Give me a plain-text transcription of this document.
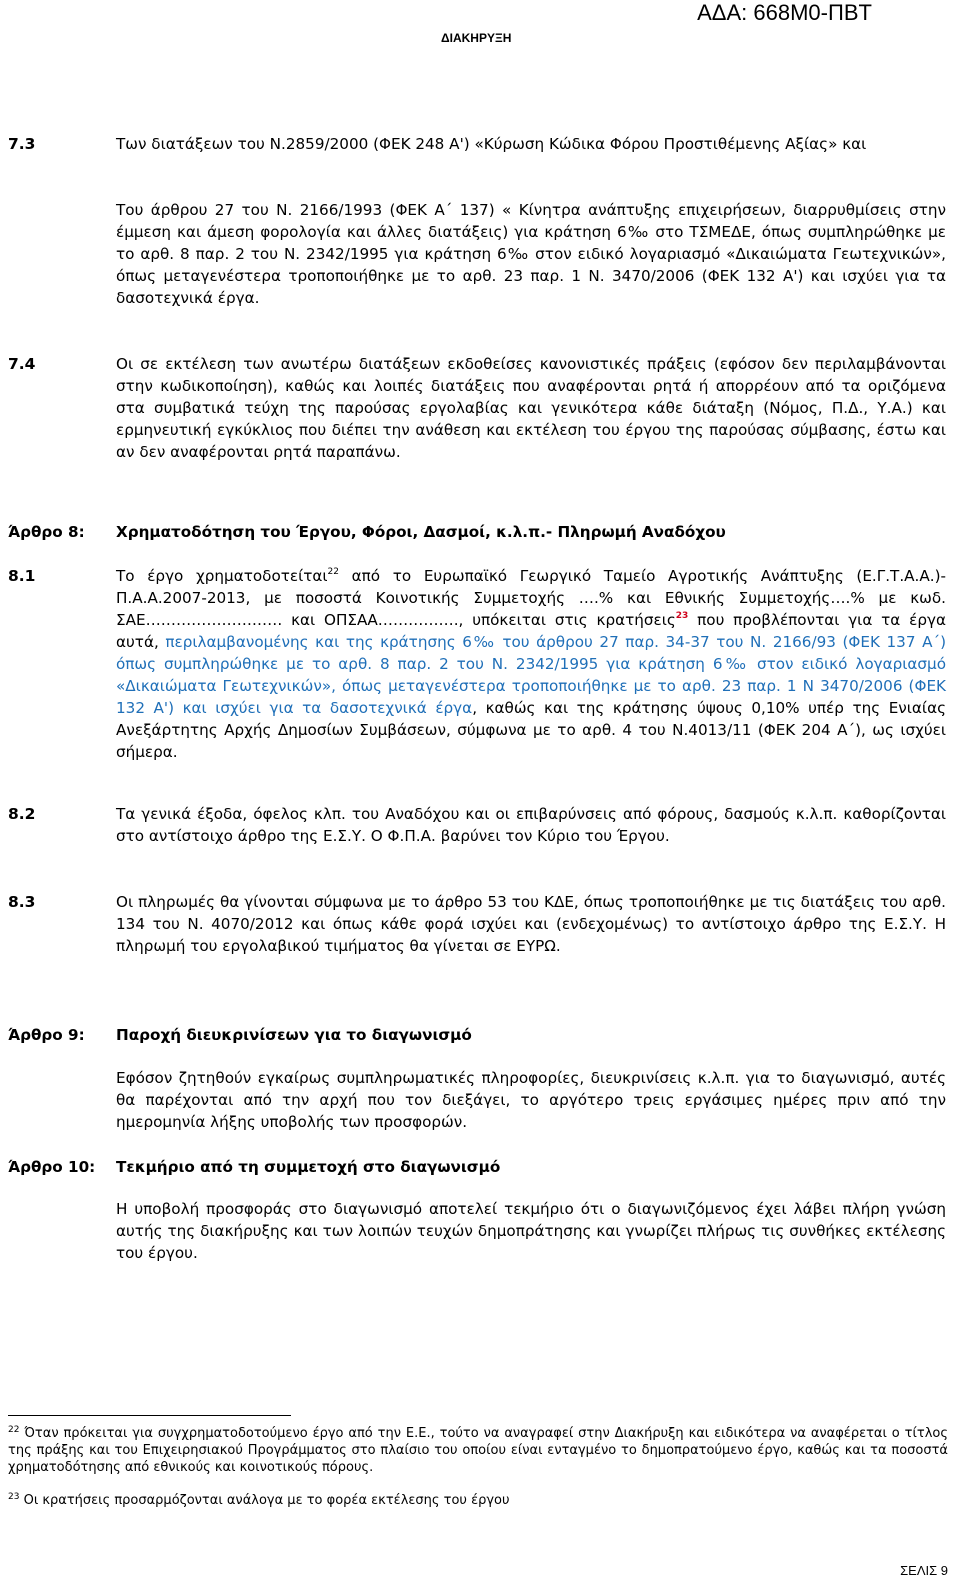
ΑΔΑ: 668Μ0-ΠΒΤ
ΔΙΑΚΗΡΥΞΗ
7.3	Των διατάξεων του Ν.2859/2000 (ΦΕΚ 248 Α') «Κύρωση Κώδικα Φόρου Προστιθέμενης Αξίας» και

Του άρθρου 27 του Ν. 2166/1993 (ΦΕΚ Α΄ 137) « Κίνητρα ανάπτυξης επιχειρήσεων, διαρρυθμίσεις στην έμμεση και άμεση φορολογία και άλλες διατάξεις) για κράτηση 6‰ στο ΤΣΜΕΔΕ, όπως συμπληρώθηκε με το αρθ. 8 παρ. 2 του Ν. 2342/1995 για κράτηση 6‰ στον ειδικό λογαριασμό «Δικαιώματα Γεωτεχνικών», όπως μεταγενέστερα τροποποιήθηκε με το αρθ. 23 παρ. 1 Ν. 3470/2006 (ΦΕΚ 132 Α') και ισχύει για τα δασοτεχνικά έργα.

7.4	Οι σε εκτέλεση των ανωτέρω διατάξεων εκδοθείσες κανονιστικές πράξεις (εφόσον δεν περιλαμβάνονται στην κωδικοποίηση), καθώς και λοιπές διατάξεις που αναφέρονται ρητά ή απορρέουν από τα οριζόμενα στα συμβατικά τεύχη της παρούσας εργολαβίας και γενικότερα κάθε διάταξη (Νόμος, Π.Δ., Υ.Α.) και ερμηνευτική εγκύκλιος που διέπει την ανάθεση και εκτέλεση του έργου της παρούσας σύμβασης, έστω και αν δεν αναφέρονται ρητά παραπάνω.

Άρθρο 8: Χρηματοδότηση του Έργου, Φόροι, Δασμοί, κ.λ.π.- Πληρωμή Αναδόχου
8.1	Το έργο χρηματοδοτείται$^{22}$ από το Ευρωπαϊκό Γεωργικό Ταμείο Αγροτικής Ανάπτυξης (Ε.Γ.Τ.Α.Α.)- Π.Α.Α.2007-2013, με ποσοστά Κοινοτικής Συμμετοχής ….% και Εθνικής Συμμετοχής….% με κωδ. ΣΑΕ……………………… και ΟΠΣΑΑ……………., υπόκειται στις κρατήσεις$^{23}$ που προβλέπονται για τα έργα αυτά, περιλαμβανομένης και της κράτησης 6‰ του άρθρου 27 παρ. 34-37 του Ν. 2166/93 (ΦΕΚ 137 Α΄) όπως συμπληρώθηκε με το αρθ. 8 παρ. 2 του Ν. 2342/1995 για κράτηση 6‰ στον ειδικό λογαριασμό «Δικαιώματα Γεωτεχνικών», όπως μεταγενέστερα τροποποιήθηκε με το αρθ. 23 παρ. 1 Ν 3470/2006 (ΦΕΚ 132 Α') και ισχύει για τα δασοτεχνικά έργα, καθώς και της κράτησης ύψους 0,10% υπέρ της Ενιαίας Ανεξάρτητης Αρχής Δημοσίων Συμβάσεων, σύμφωνα με το αρθ. 4 του Ν.4013/11 (ΦΕΚ 204 Α΄), ως ισχύει σήμερα.

8.2	Τα γενικά έξοδα, όφελος κλπ. του Αναδόχου και οι επιβαρύνσεις από φόρους, δασμούς κ.λ.π. καθορίζονται στο αντίστοιχο άρθρο της Ε.Σ.Υ. Ο Φ.Π.Α. βαρύνει τον Κύριο του Έργου.

8.3	Οι πληρωμές θα γίνονται σύμφωνα με το άρθρο 53 του ΚΔΕ, όπως τροποποιήθηκε με τις διατάξεις του αρθ. 134 του Ν. 4070/2012 και όπως κάθε φορά ισχύει και (ενδεχομένως) το αντίστοιχο άρθρο της Ε.Σ.Υ. Η πληρωμή του εργολαβικού τιμήματος θα γίνεται σε ΕΥΡΩ.

Άρθρο 9: Παροχή διευκρινίσεων για το διαγωνισμό

Εφόσον ζητηθούν εγκαίρως συμπληρωματικές πληροφορίες, διευκρινίσεις κ.λ.π. για το διαγωνισμό, αυτές θα παρέχονται από την αρχή που τον διεξάγει, το αργότερο τρεις εργάσιμες ημέρες πριν από την ημερομηνία λήξης υποβολής των προσφορών.

Άρθρο 10: Τεκμήριο από τη συμμετοχή στο διαγωνισμό

Η υποβολή προσφοράς στο διαγωνισμό αποτελεί τεκμήριο ότι ο διαγωνιζόμενος έχει λάβει πλήρη γνώση αυτής της διακήρυξης και των λοιπών τευχών δημοπράτησης και γνωρίζει πλήρως τις συνθήκες εκτέλεσης του έργου.

$^{22}$ Όταν πρόκειται για συγχρηματοδοτούμενο έργο από την Ε.Ε., τούτο να αναγραφεί στην Διακήρυξη και ειδικότερα να αναφέρεται ο τίτλος της πράξης και του Επιχειρησιακού Προγράμματος στο πλαίσιο του οποίου είναι ενταγμένο το δημοπρατούμενο έργο, καθώς και τα ποσοστά χρηματοδότησης από εθνικούς και κοινοτικούς πόρους.

$^{23}$ Οι κρατήσεις προσαρμόζονται ανάλογα με το φορέα εκτέλεσης του έργου

ΣΕΛΙΣ 9
